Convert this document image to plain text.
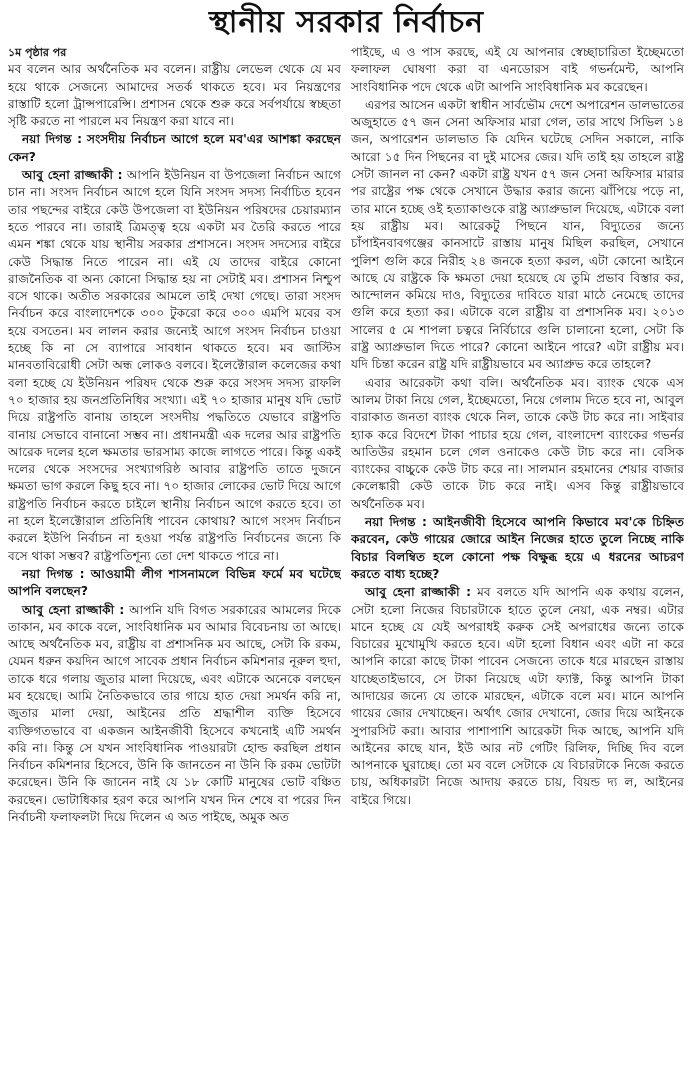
স্থানীয় সরকার নির্বাচন

১ম পৃষ্ঠার পর
মব বলেন আর অর্থনৈতিক মব বলেন। রাষ্ট্রীয় লেভেল থেকে যে মব হয়ে থাকে সেজন্যে আমাদের সতর্ক থাকতে হবে। মব নিয়ন্ত্রণের রাস্তাটি হলো ট্রান্সপারেন্সি। প্রশাসন থেকে শুরু করে সর্বপর্যায়ে স্বচ্ছতা সৃষ্টি করতে না পারলে মব নিয়ন্ত্রণ করা যাবে না।

নয়া দিগন্ত : সংসদীয় নির্বাচন আগে হলে মব'এর আশঙ্কা করছেন কেন?

আবু হেনা রাজ্জাকী : আপনি ইউনিয়ন বা উপজেলা নির্বাচন আগে চান না। সংসদ নির্বাচন আগে হলে যিনি সংসদ সদস্য নির্বাচিত হবেন তার পছন্দের বাইরে কেউ উপজেলা বা ইউনিয়ন পরিষদের চেয়ারম্যান হতে পারবে না। তারাই ত্রিমত্ত্ব হয়ে একটা মব তৈরি করতে পারে এমন শঙ্কা থেকে যায় স্থানীয় সরকার প্রশাসনে। সংসদ সদস্যের বাইরে কেউ সিদ্ধান্ত নিতে পারেন না। এই যে তাদের বাইরে কোনো রাজনৈতিক বা অন্য কোনো সিদ্ধান্ত হয় না সেটাই মব। প্রশাসন নিশ্চুপ বসে থাকে। অতীত সরকারের আমলে তাই দেখা গেছে। তারা সংসদ নির্বাচন করে বাংলাদেশকে ৩০০ টুকরো করে ৩০০ এমপি মবের বস হয়ে বসতেন। মব লালন করার জন্যেই আগে সংসদ নির্বাচন চাওয়া হচ্ছে কি না সে ব্যাপারে সাবধান থাকতে হবে। মব জাস্টিস মানবতাবিরোধী সেটা অন্ধ লোকও বলবে। ইলেক্টোরাল কলেজের কথা বলা হচ্ছে যে ইউনিয়ন পরিষদ থেকে শুরু করে সংসদ সদস্য রাফলি ৭০ হাজার হয় জনপ্রতিনিধির সংখ্যা। এই ৭০ হাজার মানুষ যদি ভোট দিয়ে রাষ্ট্রপতি বানায় তাহলে সংসদীয় পদ্ধতিতে যেভাবে রাষ্ট্রপতি বানায় সেভাবে বানানো সম্ভব না। প্রধানমন্ত্রী এক দলের আর রাষ্ট্রপতি আরেক দলের হলে ক্ষমতার ভারসাম্য কাজে লাগতে পারে। কিন্তু একই দলের থেকে সংসদের সংখ্যাগরিষ্ঠ আবার রাষ্ট্রপতি তাতে দুজনে ক্ষমতা ভাগ করলে কিছু হবে না। ৭০ হাজার লোকের ভোট দিয়ে আগে রাষ্ট্রপতি নির্বাচন করতে চাইলে স্থানীয় নির্বাচন আগে করতে হবে। তা না হলে ইলেক্টোরাল প্রতিনিধি পাবেন কোথায়? আগে সংসদ নির্বাচন করলে ইউপি নির্বাচন না হওয়া পর্যন্ত রাষ্ট্রপতি নির্বাচনের জন্যে কি বসে থাকা সম্ভব? রাষ্ট্রপতিশূন্য তো দেশ থাকতে পারে না।

নয়া দিগন্ত : আওয়ামী লীগ শাসনামলে বিভিন্ন ফর্মে মব ঘটেছে আপনি বলছেন?

আবু হেনা রাজ্জাকী : আপনি যদি বিগত সরকারের আমলের দিকে তাকান, মব কাকে বলে, সাংবিধানিক মব আমার বিবেচনায় তা আছে। আছে অর্থনৈতিক মব, রাষ্ট্রীয় বা প্রশাসনিক মব আছে, সেটা কি রকম, যেমন ধরুন কয়দিন আগে সাবেক প্রধান নির্বাচন কমিশনার নূরুল হুদা, তাকে ধরে গলায় জুতার মালা দিয়েছে, এবং এটাকে অনেকে বলছেন মব হয়েছে। আমি নৈতিকভাবে তার গায়ে হাত দেয়া সমর্থন করি না, জুতার মালা দেয়া, আইনের প্রতি শ্রদ্ধাশীল ব্যক্তি হিসেবে ব্যক্তিগতভাবে বা একজন আইনজীবী হিসেবে কখনোই এটি সমর্থন করি না। কিন্তু সে যখন সাংবিধানিক পাওয়ারটা হোল্ড করছিল প্রধান নির্বাচন কমিশনার হিসেবে, উনি কি জানতেন না উনি কি রকম ভোটটা করেছেন। উনি কি জানেন নাই যে ১৮ কোটি মানুষের ভোট বঞ্চিত করছেন। ভোটাধিকার হরণ করে আপনি যখন দিন শেষে বা পরের দিন নির্বাচনী ফলাফলটা দিয়ে দিলেন এ অত পাইছে, অমুক অত

পাইছে, এ ও পাস করছে, এই যে আপনার স্বেচ্ছাচারিতা ইচ্ছেমতো ফলাফল ঘোষণা করা বা এনডোরস বাই গভর্নমেন্ট, আপনি সাংবিধানিক পদে থেকে এটা আপনি সাংবিধানিক মব করেছেন।

এরপর আসেন একটা স্বাধীন সার্বভৌম দেশে অপারেশন ডালভাতের অজুহাতে ৫৭ জন সেনা অফিসার মারা গেল, তার সাথে সিভিল ১৪ জন, অপারেশন ডালভাত কি যেদিন ঘটেছে সেদিন সকালে, নাকি আরো ১৫ দিন পিছনের বা দুই মাসের জের। যদি তাই হয় তাহলে রাষ্ট্র সেটা জানল না কেন? একটা রাষ্ট্র যখন ৫৭ জন সেনা অফিসার মারার পর রাষ্ট্রের পক্ষ থেকে সেখানে উদ্ধার করার জন্যে ঝাঁপিয়ে পড়ে না, তার মানে হচ্ছে ওই হত্যাকাণ্ডকে রাষ্ট্র অ্যাপ্রুভাল দিয়েছে, এটাকে বলা হয় রাষ্ট্রীয় মব। আরেকটু পিছনে যান, বিদ্যুতের জন্যে চাঁপাইনবাবগঞ্জের কানসাটে রাস্তায় মানুষ মিছিল করছিল, সেখানে পুলিশ গুলি করে নিরীহ ২৪ জনকে হত্যা করল, এটা কোনো আইনে আছে যে রাষ্ট্রকে কি ক্ষমতা দেয়া হয়েছে যে তুমি প্রভাব বিস্তার কর, আন্দোলন কমিয়ে দাও, বিদ্যুতের দাবিতে যারা মাঠে নেমেছে তাদের গুলি করে হত্যা কর। এটাকে বলে রাষ্ট্রীয় বা প্রশাসনিক মব। ২০১৩ সালের ৫ মে শাপলা চত্বরে নির্বিচারে গুলি চালানো হলো, সেটা কি রাষ্ট্র অ্যাপ্রুভাল দিতে পারে? কোনো আইনে পারে? এটা রাষ্ট্রীয় মব। যদি চিন্তা করেন রাষ্ট্র যদি রাষ্ট্রীয়ভাবে মব অ্যাপ্রুভ করে তাহলে?

এবার আরেকটা কথা বলি। অর্থনৈতিক মব। ব্যাংক থেকে এস আলম টাকা নিয়ে গেল, ইচ্ছেমতো, নিয়ে গেলাম দিতে হবে না, আবুল বারাকাত জনতা ব্যাংক থেকে নিল, তাকে কেউ টাচ করে না। সাইবার হ্যাক করে বিদেশে টাকা পাচার হয়ে গেল, বাংলাদেশ ব্যাংকের গভর্নর আতিউর রহমান চলে গেল ওনাকেও কেউ টাচ করে না। বেসিক ব্যাংকের বাচ্চুকে কেউ টাচ করে না। সালমান রহমানের শেয়ার বাজার কেলেঙ্কারী কেউ তাকে টাচ করে নাই। এসব কিন্তু রাষ্ট্রীয়ভাবে অর্থনৈতিক মব।

নয়া দিগন্ত : আইনজীবী হিসেবে আপনি কিভাবে মব'কে চিহ্নিত করবেন, কেউ গায়ের জোরে আইন নিজের হাতে তুলে নিচ্ছে নাকি বিচার বিলম্বিত হলে কোনো পক্ষ বিক্ষুব্ধ হয়ে এ ধরনের আচরণ করতে বাধ্য হচ্ছে?

আবু হেনা রাজ্জাকী : মব বলতে যদি আপনি এক কথায় বলেন, সেটা হলো নিজের বিচারটাকে হাতে তুলে নেয়া, এক নম্বর। এটার মানে হচ্ছে যে যেই অপরাধই করুক সেই অপরাধের জন্যে তাকে বিচারের মুখোমুখি করতে হবে। এটা হলো বিধান এবং এটা না করে আপনি কারো কাছে টাকা পাবেন সেজন্যে তাকে ধরে মারছেন রাস্তায় যাচ্ছেতাইভাবে, সে টাকা নিয়েছে এটা ফ্যাক্ট, কিন্তু আপনি টাকা আদায়ের জন্যে যে তাকে মারছেন, এটাকে বলে মব। মানে আপনি গায়ের জোর দেখাচ্ছেন। অর্থাৎ জোর দেখানো, জোর দিয়ে আইনকে সুপারসিট করা। আবার পাশাপাশি আরেকটা দিক আছে, আপনি যদি আইনের কাছে যান, ইউ আর নট গেটিং রিলিফ, দিচ্ছি দিব বলে আপনাকে ঘুরাচ্ছে। তো মব বলে সেটাকে যে বিচারটাকে নিজে করতে চায়, অধিকারটা নিজে আদায় করতে চায়, বিয়ন্ড দ্য ল, আইনের বাইরে গিয়ে।
